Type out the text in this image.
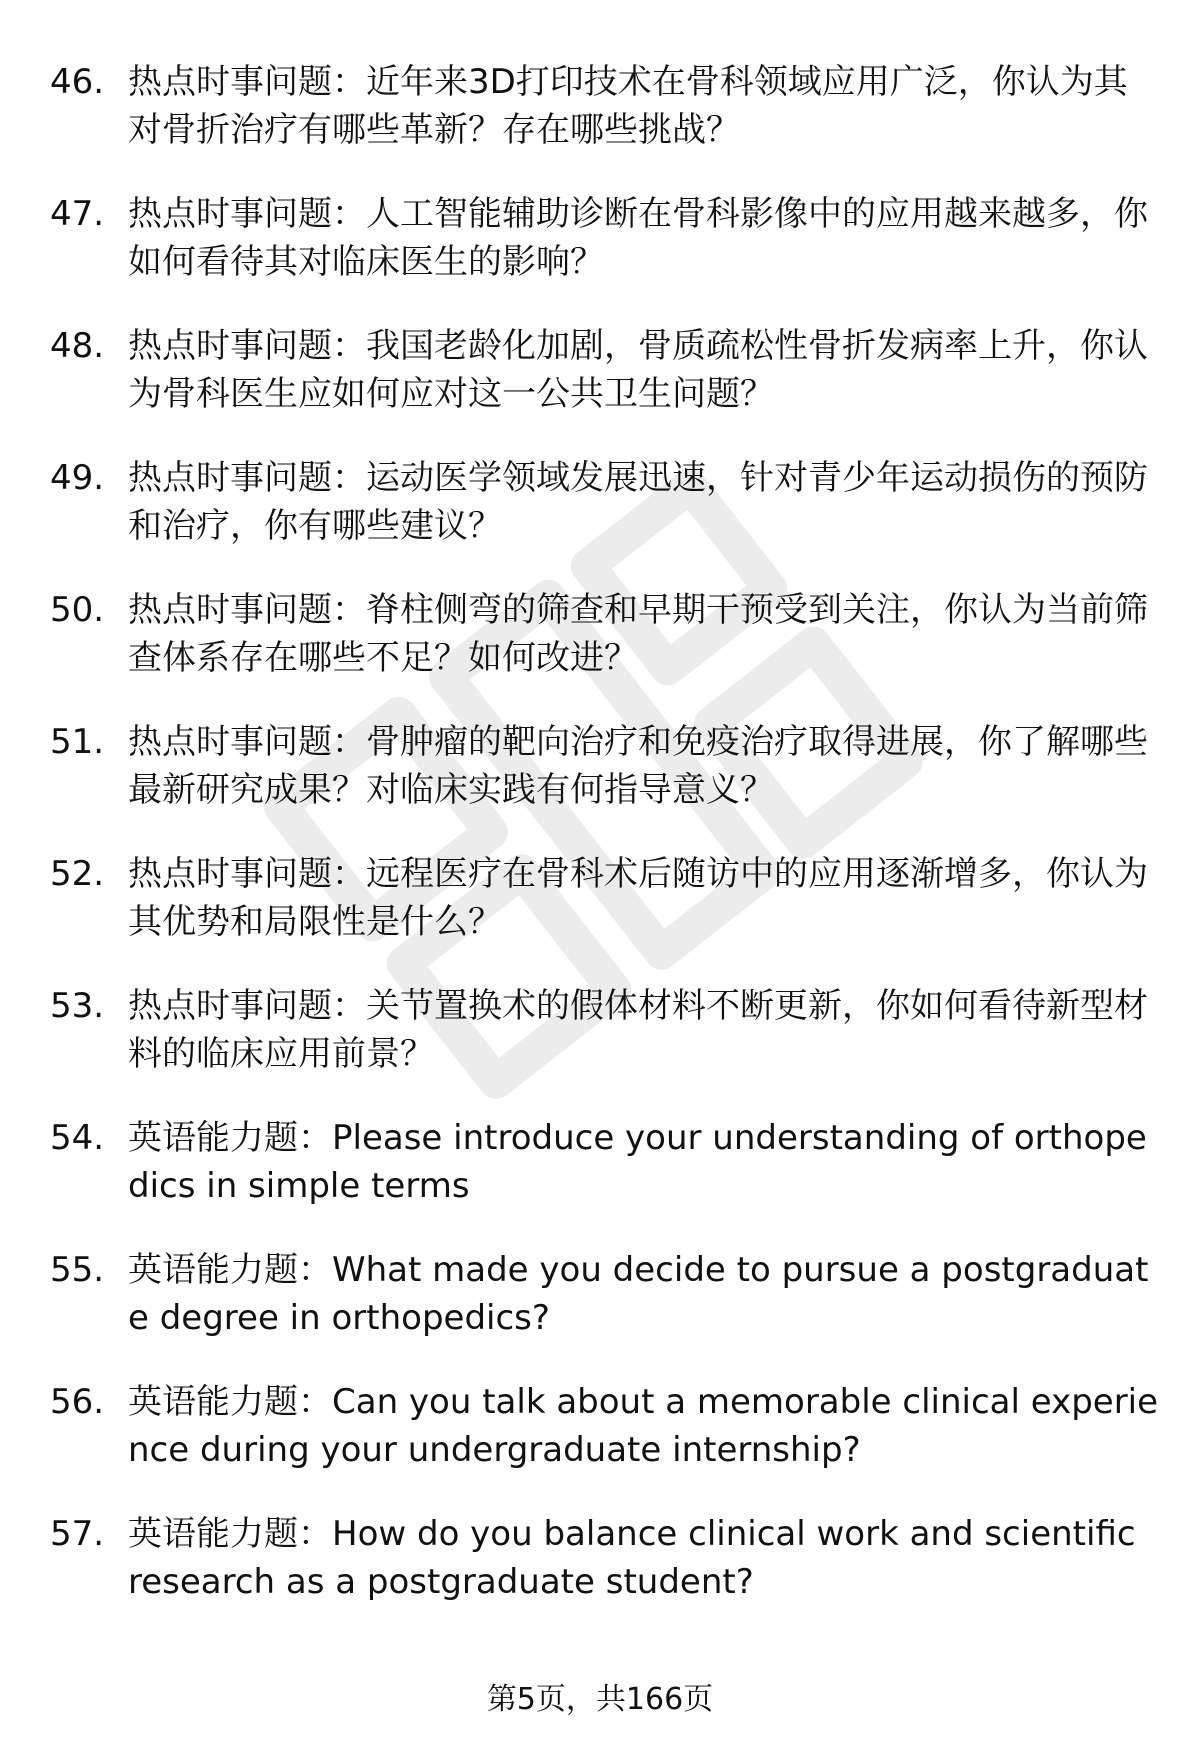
46. 热点时事问题：近年来3D打印技术在骨科领域应用广泛，你认为其对骨折治疗有哪些革新？存在哪些挑战？
47. 热点时事问题：人工智能辅助诊断在骨科影像中的应用越来越多，你如何看待其对临床医生的影响？
48. 热点时事问题：我国老龄化加剧，骨质疏松性骨折发病率上升，你认为骨科医生应如何应对这一公共卫生问题？
49. 热点时事问题：运动医学领域发展迅速，针对青少年运动损伤的预防和治疗，你有哪些建议？
50. 热点时事问题：脊柱侧弯的筛查和早期干预受到关注，你认为当前筛查体系存在哪些不足？如何改进？
51. 热点时事问题：骨肿瘤的靶向治疗和免疫治疗取得进展，你了解哪些最新研究成果？对临床实践有何指导意义？
52. 热点时事问题：远程医疗在骨科术后随访中的应用逐渐增多，你认为其优势和局限性是什么？
53. 热点时事问题：关节置换术的假体材料不断更新，你如何看待新型材料的临床应用前景？
54. 英语能力题：Please introduce your understanding of orthopedics in simple terms
55. 英语能力题：What made you decide to pursue a postgraduate degree in orthopedics?
56. 英语能力题：Can you talk about a memorable clinical experience during your undergraduate internship?
57. 英语能力题：How do you balance clinical work and scientific research as a postgraduate student?
第5页，共166页
